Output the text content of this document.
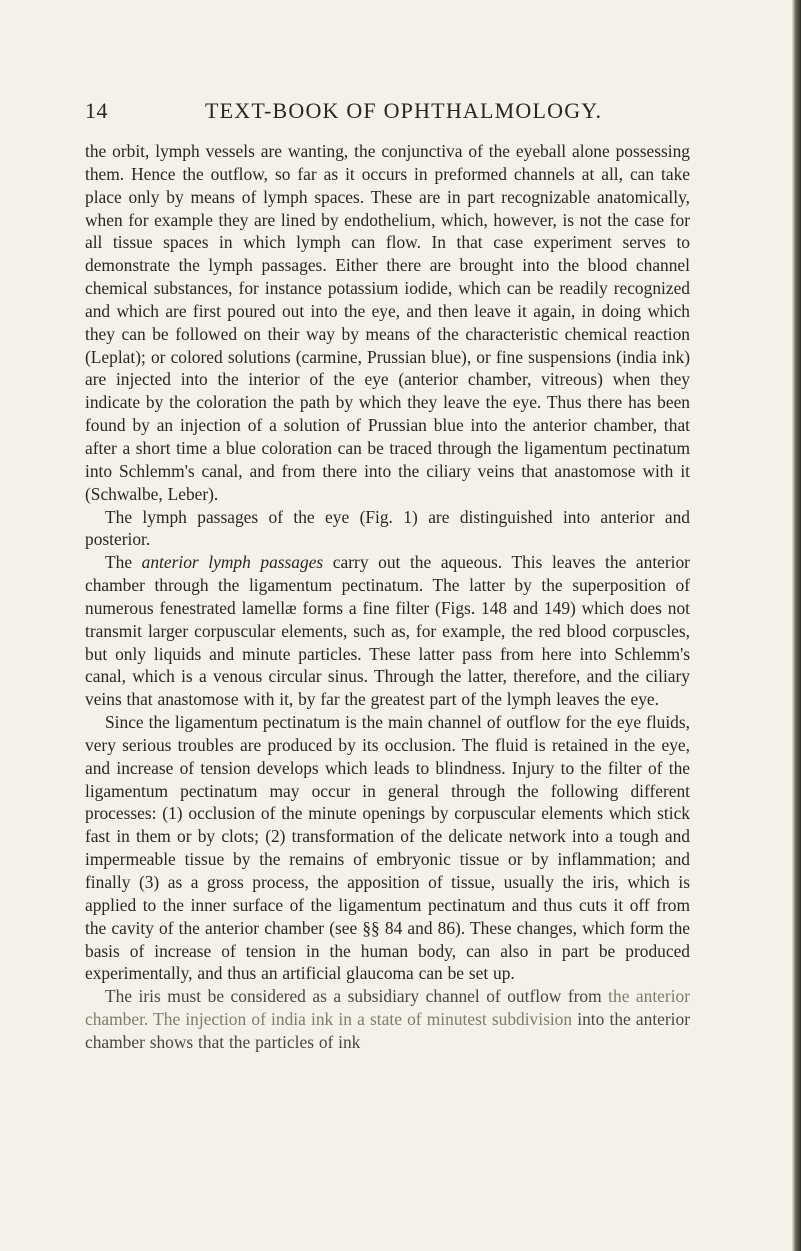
14	TEXT-BOOK OF OPHTHALMOLOGY.

the orbit, lymph vessels are wanting, the conjunctiva of the eyeball alone possessing them. Hence the outflow, so far as it occurs in preformed channels at all, can take place only by means of lymph spaces. These are in part recognizable anatomically, when for example they are lined by endothelium, which, however, is not the case for all tissue spaces in which lymph can flow. In that case experiment serves to demonstrate the lymph passages. Either there are brought into the blood channel chemical substances, for instance potassium iodide, which can be readily recognized and which are first poured out into the eye, and then leave it again, in doing which they can be followed on their way by means of the characteristic chemical reaction (Leplat); or colored solutions (carmine, Prussian blue), or fine suspensions (india ink) are injected into the interior of the eye (anterior chamber, vitreous) when they indicate by the coloration the path by which they leave the eye. Thus there has been found by an injection of a solution of Prussian blue into the anterior chamber, that after a short time a blue coloration can be traced through the ligamentum pectinatum into Schlemm's canal, and from there into the ciliary veins that anastomose with it (Schwalbe, Leber).

The lymph passages of the eye (Fig. 1) are distinguished into anterior and posterior.

The anterior lymph passages carry out the aqueous. This leaves the anterior chamber through the ligamentum pectinatum. The latter by the superposition of numerous fenestrated lamellæ forms a fine filter (Figs. 148 and 149) which does not transmit larger corpuscular elements, such as, for example, the red blood corpuscles, but only liquids and minute particles. These latter pass from here into Schlemm's canal, which is a venous circular sinus. Through the latter, therefore, and the ciliary veins that anastomose with it, by far the greatest part of the lymph leaves the eye.

Since the ligamentum pectinatum is the main channel of outflow for the eye fluids, very serious troubles are produced by its occlusion. The fluid is retained in the eye, and increase of tension develops which leads to blindness. Injury to the filter of the ligamentum pectinatum may occur in general through the following different processes: (1) occlusion of the minute openings by corpuscular elements which stick fast in them or by clots; (2) transformation of the delicate network into a tough and impermeable tissue by the remains of embryonic tissue or by inflammation; and finally (3) as a gross process, the apposition of tissue, usually the iris, which is applied to the inner surface of the ligamentum pectinatum and thus cuts it off from the cavity of the anterior chamber (see §§ 84 and 86). These changes, which form the basis of increase of tension in the human body, can also in part be produced experimentally, and thus an artificial glaucoma can be set up.

The iris must be considered as a subsidiary channel of outflow from the anterior chamber. The injection of india ink in a state of minutest subdivision into the anterior chamber shows that the particles of ink
